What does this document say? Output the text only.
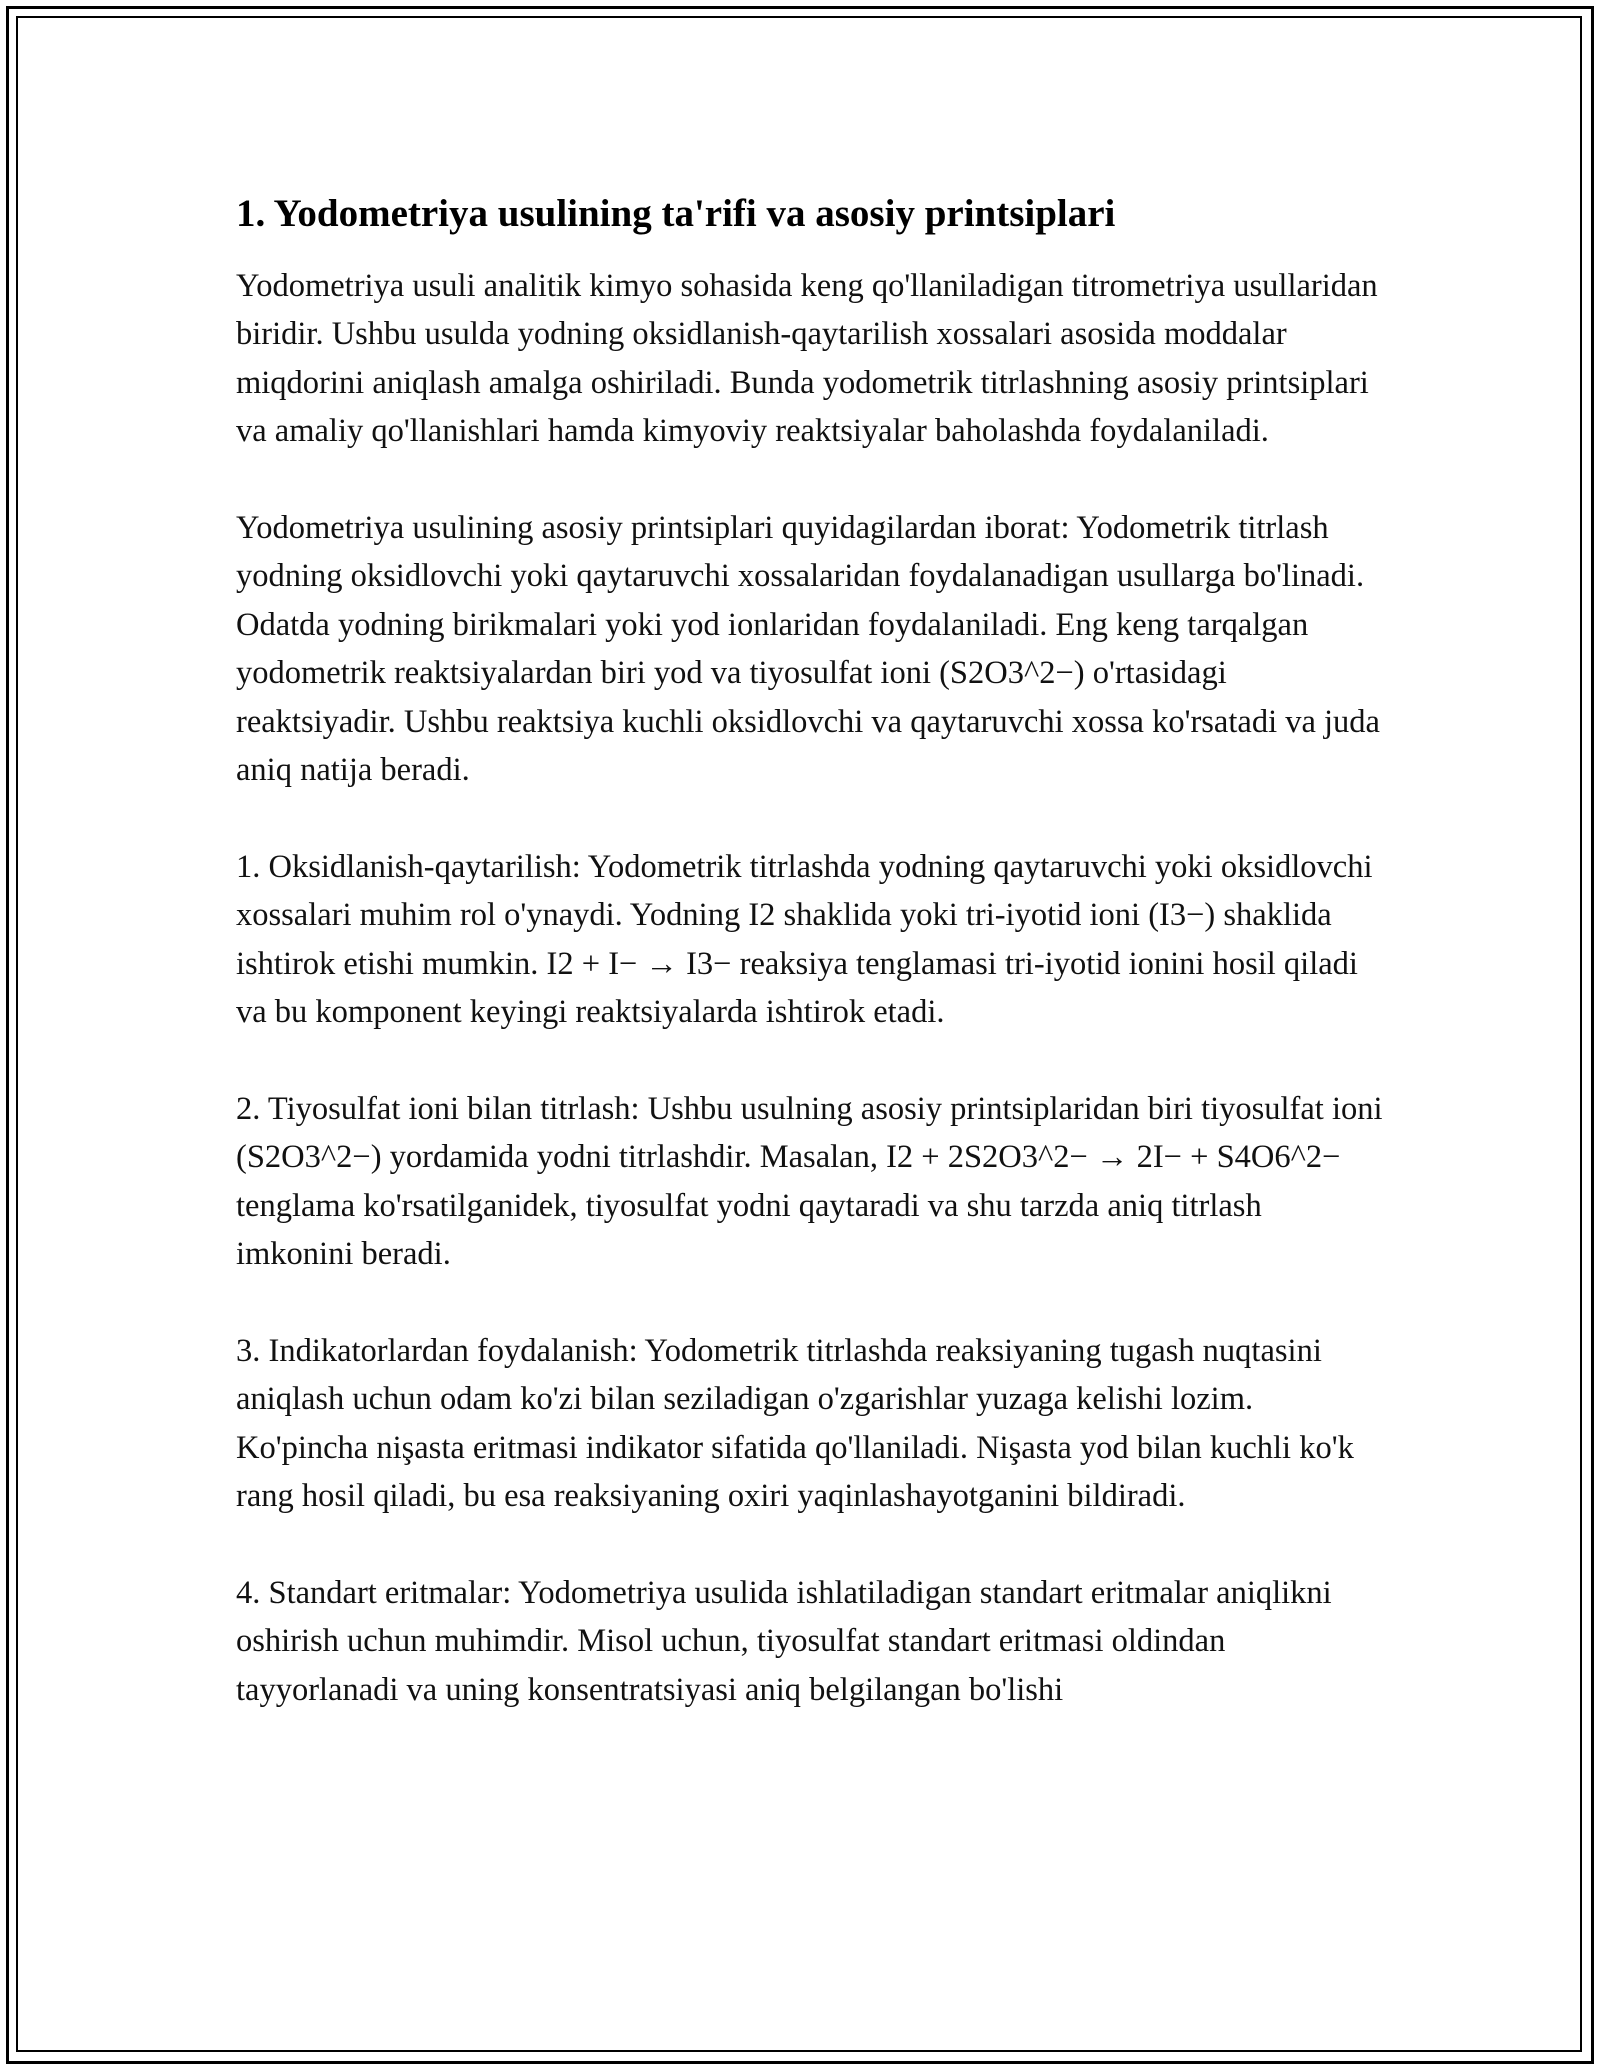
1. Yodometriya usulining ta'rifi va asosiy printsiplari

Yodometriya usuli analitik kimyo sohasida keng qo'llaniladigan titrometriya usullaridan biridir. Ushbu usulda yodning oksidlanish-qaytarilish xossalari asosida moddalar miqdorini aniqlash amalga oshiriladi. Bunda yodometrik titrlashning asosiy printsiplari va amaliy qo'llanishlari hamda kimyoviy reaktsiyalar baholashda foydalaniladi.

Yodometriya usulining asosiy printsiplari quyidagilardan iborat: Yodometrik titrlash yodning oksidlovchi yoki qaytaruvchi xossalaridan foydalanadigan usullarga bo'linadi. Odatda yodning birikmalari yoki yod ionlaridan foydalaniladi. Eng keng tarqalgan yodometrik reaktsiyalardan biri yod va tiyosulfat ioni (S2O3^2−) o'rtasidagi reaktsiyadir. Ushbu reaktsiya kuchli oksidlovchi va qaytaruvchi xossa ko'rsatadi va juda aniq natija beradi.

1. Oksidlanish-qaytarilish: Yodometrik titrlashda yodning qaytaruvchi yoki oksidlovchi xossalari muhim rol o'ynaydi. Yodning I2 shaklida yoki tri-iyotid ioni (I3−) shaklida ishtirok etishi mumkin. I2 + I− → I3− reaksiya tenglamasi tri-iyotid ionini hosil qiladi va bu komponent keyingi reaktsiyalarda ishtirok etadi.

2. Tiyosulfat ioni bilan titrlash: Ushbu usulning asosiy printsiplaridan biri tiyosulfat ioni (S2O3^2−) yordamida yodni titrlashdir. Masalan, I2 + 2S2O3^2− → 2I− + S4O6^2− tenglama ko'rsatilganidek, tiyosulfat yodni qaytaradi va shu tarzda aniq titrlash imkonini beradi.

3. Indikatorlardan foydalanish: Yodometrik titrlashda reaksiyaning tugash nuqtasini aniqlash uchun odam ko'zi bilan seziladigan o'zgarishlar yuzaga kelishi lozim. Ko'pincha nişasta eritmasi indikator sifatida qo'llaniladi. Nişasta yod bilan kuchli ko'k rang hosil qiladi, bu esa reaksiyaning oxiri yaqinlashayotganini bildiradi.

4. Standart eritmalar: Yodometriya usulida ishlatiladigan standart eritmalar aniqlikni oshirish uchun muhimdir. Misol uchun, tiyosulfat standart eritmasi oldindan tayyorlanadi va uning konsentratsiyasi aniq belgilangan bo'lishi
